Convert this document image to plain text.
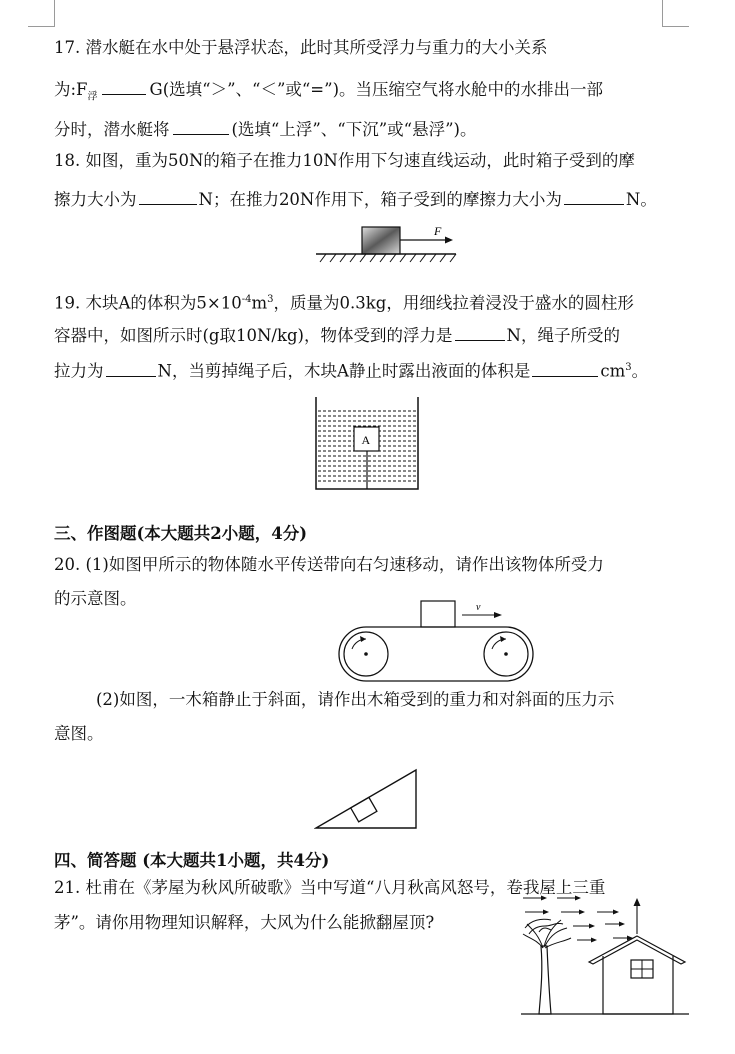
17. 潜水艇在水中处于悬浮状态，此时其所受浮力与重力的大小关系
为$:F_浮$	G(选填“＞”、“＜”或“=”)。当压缩空气将水舱中的水排出一部
分时，潜水艇将	(选填“上浮”、“下沉”或“悬浮”)。
18. 如图，重为50N的箱子在推力10N作用下匀速直线运动，此时箱子受到的摩
擦力大小为	N；在推力20N作用下，箱子受到的摩擦力大小为	N。
F
19. 木块A的体积为$5\times 10^{-4}m^3$，质量为0.3kg，用细线拉着浸没于盛水的圆柱形
容器中，如图所示时(g取10N/kg)，物体受到的浮力是	N，绳子所受的
拉力为	N，当剪掉绳子后，木块A静止时露出液面的体积是	$cm^3$。
A
三、作图题(本大题共2小题，4分)
20. (1)如图甲所示的物体随水平传送带向右匀速移动，请作出该物体所受力
的示意图。	v
(2)如图，一木箱静止于斜面，请作出木箱受到的重力和对斜面的压力示
意图。
四、简答题 (本大题共1小题，共4分)
21. 杜甫在《茅屋为秋风所破歌》当中写道“八月秋高风怒号，卷我屋上三重
茅”。请你用物理知识解释，大风为什么能掀翻屋顶?
